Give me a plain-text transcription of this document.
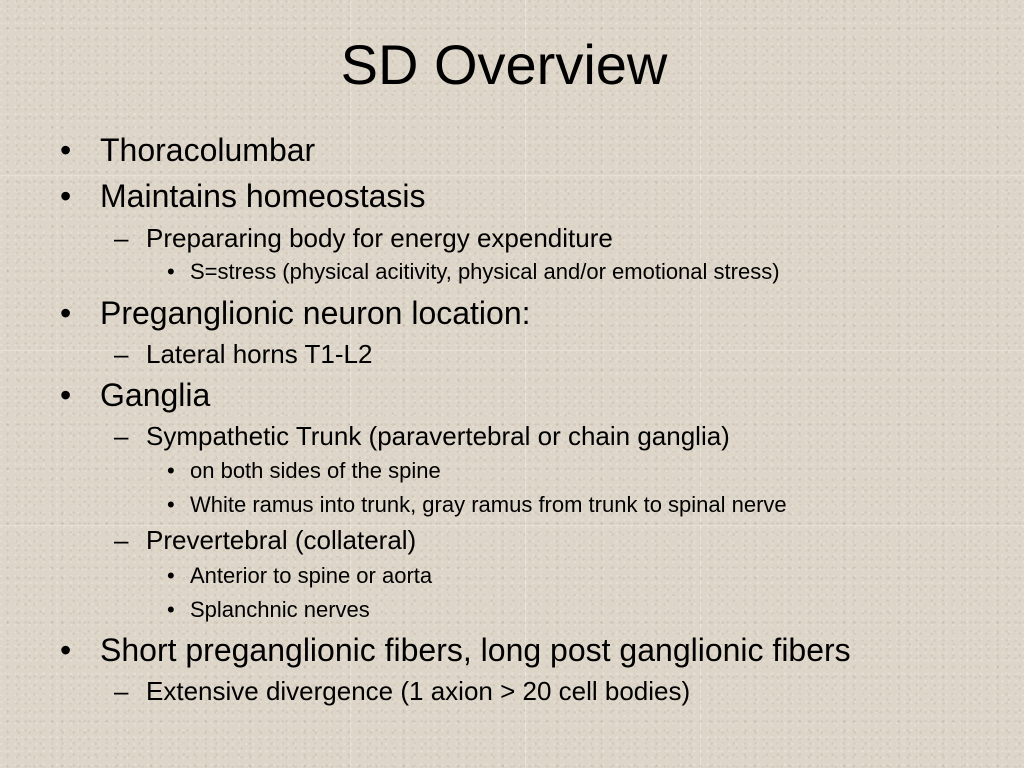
SD Overview
• Thoracolumbar
• Maintains homeostasis
– Prepararing body for energy expenditure
• S=stress (physical acitivity, physical and/or emotional stress)
• Preganglionic neuron location:
– Lateral horns T1-L2
• Ganglia
– Sympathetic Trunk (paravertebral or chain ganglia)
• on both sides of the spine
• White ramus into trunk, gray ramus from trunk to spinal nerve
– Prevertebral (collateral)
• Anterior to spine or aorta
• Splanchnic nerves
• Short preganglionic fibers, long post ganglionic fibers
– Extensive divergence (1 axion > 20 cell bodies)
